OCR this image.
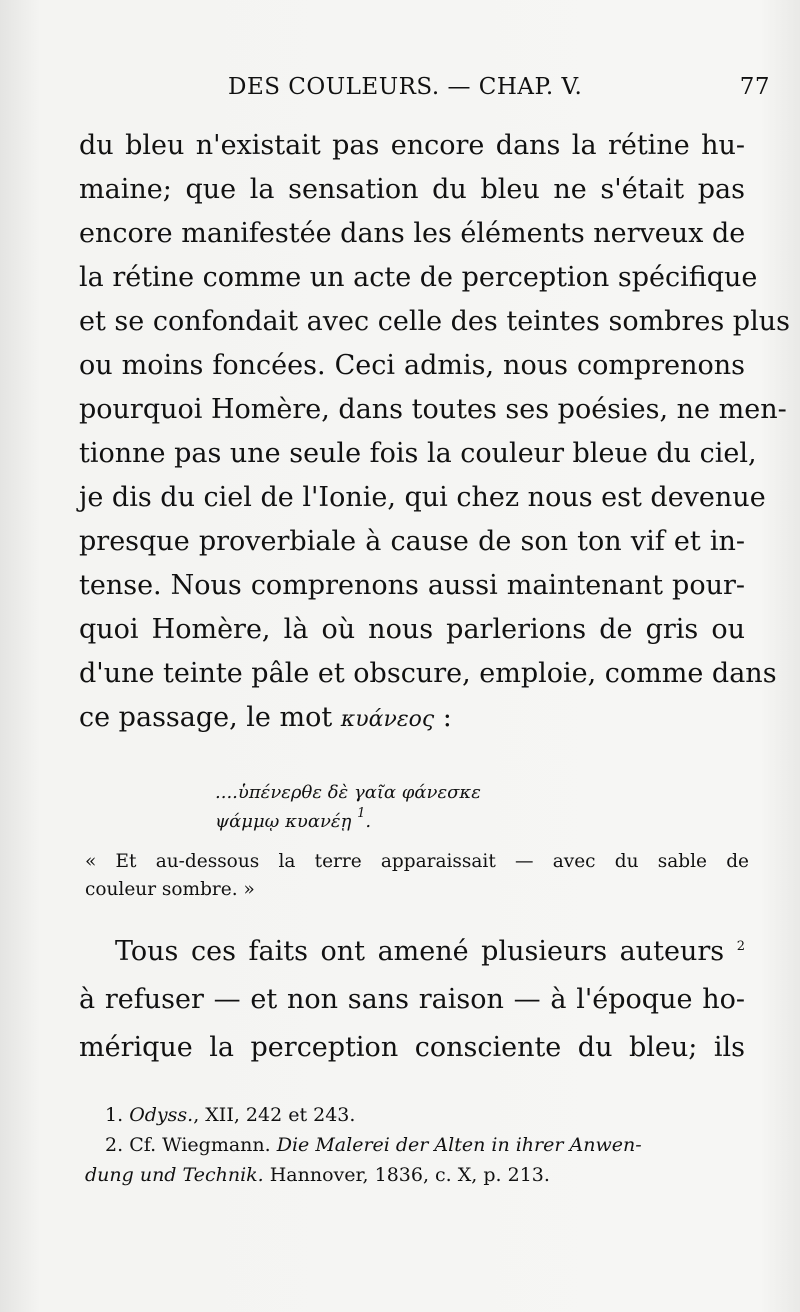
DES COULEURS. — CHAP. V.	77
du bleu n'existait pas encore dans la rétine hu-
maine; que la sensation du bleu ne s'était pas
encore manifestée dans les éléments nerveux de
la rétine comme un acte de perception spécifique
et se confondait avec celle des teintes sombres plus
ou moins foncées. Ceci admis, nous comprenons
pourquoi Homère, dans toutes ses poésies, ne men-
tionne pas une seule fois la couleur bleue du ciel,
je dis du ciel de l'Ionie, qui chez nous est devenue
presque proverbiale à cause de son ton vif et in-
tense. Nous comprenons aussi maintenant pour-
quoi Homère, là où nous parlerions de gris ou
d'une teinte pâle et obscure, emploie, comme dans
ce passage, le mot κυάνεος :
....ὑπένερθε δὲ γαῖα φάνεσκε
ψάμμῳ κυανέῃ $^1$.
« Et au-dessous la terre apparaissait — avec du sable de
couleur sombre. »
Tous ces faits ont amené plusieurs auteurs $^2$
à refuser — et non sans raison — à l'époque ho-
mérique la perception consciente du bleu; ils
1. Odyss., XII, 242 et 243.
2. Cf. Wiegmann. Die Malerei der Alten in ihrer Anwen-
dung und Technik. Hannover, 1836, c. X, p. 213.
